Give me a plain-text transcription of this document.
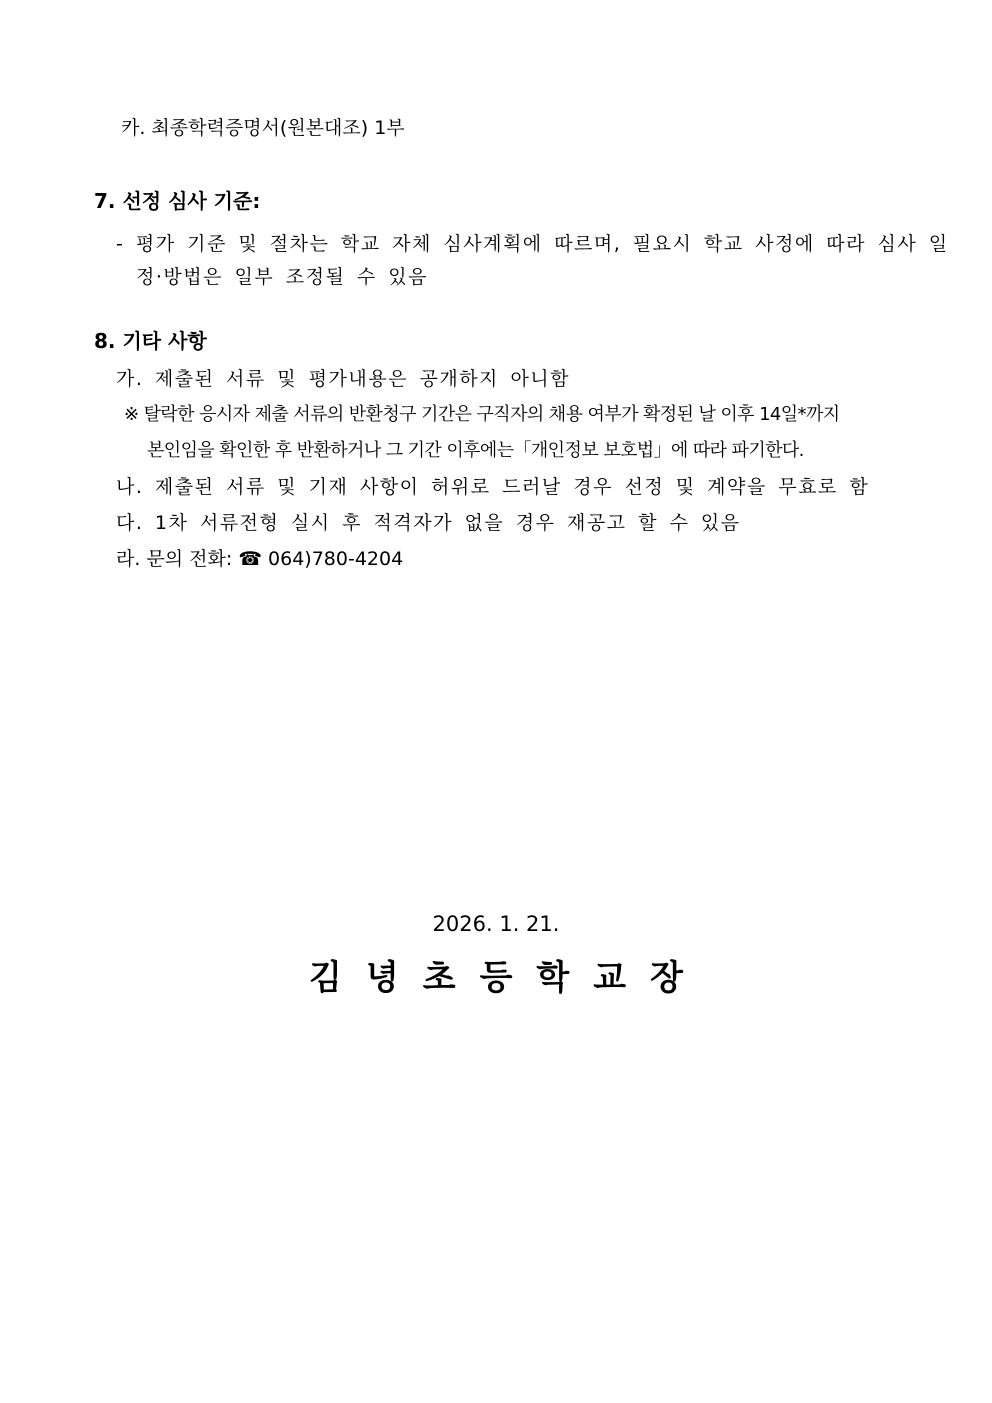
카. 최종학력증명서(원본대조) 1부
7. 선정 심사 기준:
- 평가 기준 및 절차는 학교 자체 심사계획에 따르며, 필요시 학교 사정에 따라 심사 일
정·방법은 일부 조정될 수 있음
8. 기타 사항
가. 제출된 서류 및 평가내용은 공개하지 아니함
※ 탈락한 응시자 제출 서류의 반환청구 기간은 구직자의 채용 여부가 확정된 날 이후 14일*까지
본인임을 확인한 후 반환하거나 그 기간 이후에는「개인정보 보호법」에 따라 파기한다.
나. 제출된 서류 및 기재 사항이 허위로 드러날 경우 선정 및 계약을 무효로 함
다. 1차 서류전형 실시 후 적격자가 없을 경우 재공고 할 수 있음
라. 문의 전화: ☎ 064)780-4204
2026. 1. 21.
김녕초등학교장
